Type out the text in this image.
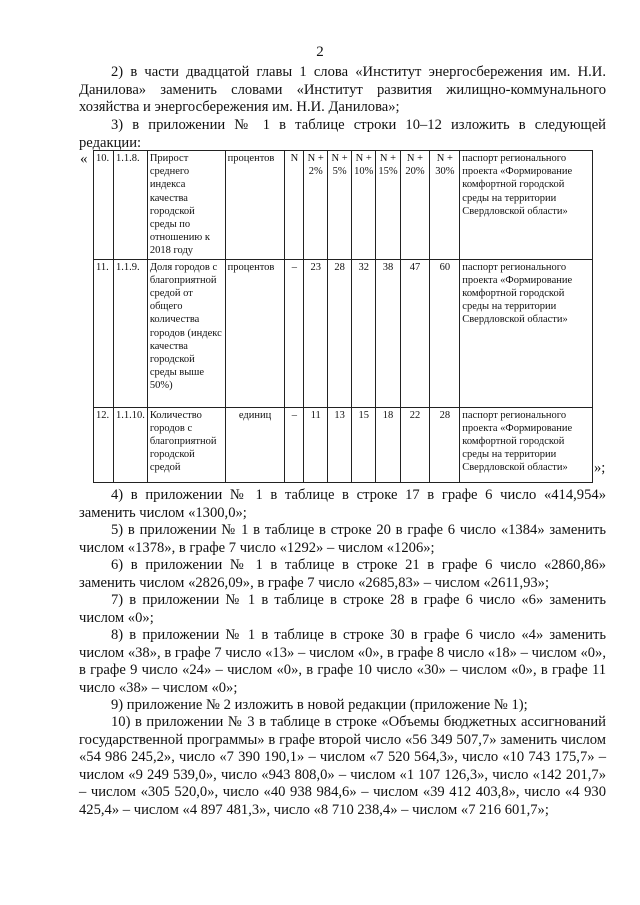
2
2) в части двадцатой главы 1 слова «Институт энергосбережения им. Н.И. Данилова» заменить словами «Институт развития жилищно-коммунального хозяйства и энергосбережения им. Н.И. Данилова»;

3) в приложении № 1 в таблице строки 10–12 изложить в следующей

редакции:

« 10.	1.1.8.	Прирост среднего индекса качества городской среды по отношению к 2018 году	процентов	N	N + 2%	N + 5%	N + 10%	N + 15%	N + 20%	N + 30%	паспорт регионального проекта «Формирование комфортной городской среды на территории Свердловской области»
11.	1.1.9.	Доля городов с благоприятной средой от общего количества городов (индекс качества городской среды выше 50%)	процентов	–	23	28	32	38	47	60	паспорт регионального проекта «Формирование комфортной городской среды на территории Свердловской области»
12.	1.1.10.	Количество городов с благоприятной городской средой	единиц	–	11	13	15	18	22	28	паспорт регионального проекта «Формирование комфортной городской среды на территории Свердловской области» »;
4) в приложении № 1 в таблице в строке 17 в графе 6 число «414,954» заменить числом «1300,0»;
5) в приложении № 1 в таблице в строке 20 в графе 6 число «1384» заменить числом «1378», в графе 7 число «1292» – числом «1206»;
6) в приложении № 1 в таблице в строке 21 в графе 6 число «2860,86» заменить числом «2826,09», в графе 7 число «2685,83» – числом «2611,93»;
7) в приложении № 1 в таблице в строке 28 в графе 6 число «6» заменить числом «0»;
8) в приложении № 1 в таблице в строке 30 в графе 6 число «4» заменить числом «38», в графе 7 число «13» – числом «0», в графе 8 число «18» – числом «0», в графе 9 число «24» – числом «0», в графе 10 число «30» – числом «0», в графе 11 число «38» – числом «0»;
9) приложение № 2 изложить в новой редакции (приложение № 1);
10) в приложении № 3 в таблице в строке «Объемы бюджетных ассигнований государственной программы» в графе второй число «56 349 507,7» заменить числом «54 986 245,2», число «7 390 190,1» – числом «7 520 564,3», число «10 743 175,7» – числом «9 249 539,0», число «943 808,0» – числом «1 107 126,3», число «142 201,7» – числом «305 520,0», число «40 938 984,6» – числом «39 412 403,8», число «4 930 425,4» – числом «4 897 481,3», число «8 710 238,4» – числом «7 216 601,7»;
